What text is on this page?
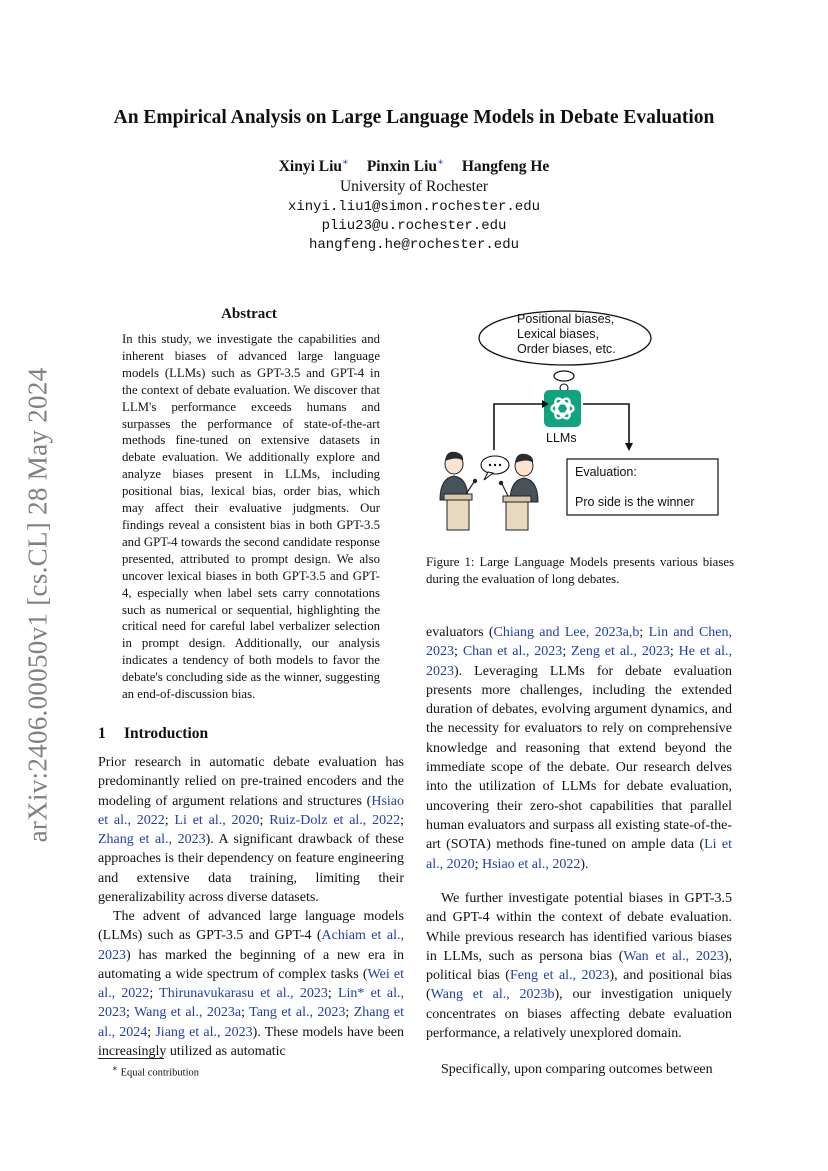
arXiv:2406.00050v1 [cs.CL] 28 May 2024
An Empirical Analysis on Large Language Models in Debate Evaluation
Xinyi Liu∗ Pinxin Liu∗ Hangfeng He
University of Rochester
xinyi.liu1@simon.rochester.edu
pliu23@u.rochester.edu
hangfeng.he@rochester.edu
Abstract
In this study, we investigate the capabilities and inherent biases of advanced large language models (LLMs) such as GPT-3.5 and GPT-4 in the context of debate evaluation. We discover that LLM's performance exceeds humans and surpasses the performance of state-of-the-art methods fine-tuned on extensive datasets in debate evaluation. We additionally explore and analyze biases present in LLMs, including positional bias, lexical bias, order bias, which may affect their evaluative judgments. Our findings reveal a consistent bias in both GPT-3.5 and GPT-4 towards the second candidate response presented, attributed to prompt design. We also uncover lexical biases in both GPT-3.5 and GPT-4, especially when label sets carry connotations such as numerical or sequential, highlighting the critical need for careful label verbalizer selection in prompt design. Additionally, our analysis indicates a tendency of both models to favor the debate's concluding side as the winner, suggesting an end-of-discussion bias.
1 Introduction
Prior research in automatic debate evaluation has predominantly relied on pre-trained encoders and the modeling of argument relations and structures (Hsiao et al., 2022; Li et al., 2020; Ruiz-Dolz et al., 2022; Zhang et al., 2023). A significant drawback of these approaches is their dependency on feature engineering and extensive data training, limiting their generalizability across diverse datasets.
The advent of advanced large language models (LLMs) such as GPT-3.5 and GPT-4 (Achiam et al., 2023) has marked the beginning of a new era in automating a wide spectrum of complex tasks (Wei et al., 2022; Thirunavukarasu et al., 2023; Lin* et al., 2023; Wang et al., 2023a; Tang et al., 2023; Zhang et al., 2024; Jiang et al., 2023). These models have been increasingly utilized as automatic
∗ Equal contribution
Positional biases,
Lexical biases,
Order biases, etc.
LLMs
Evaluation:
Pro side is the winner
Figure 1: Large Language Models presents various biases during the evaluation of long debates.
evaluators (Chiang and Lee, 2023a,b; Lin and Chen, 2023; Chan et al., 2023; Zeng et al., 2023; He et al., 2023). Leveraging LLMs for debate evaluation presents more challenges, including the extended duration of debates, evolving argument dynamics, and the necessity for evaluators to rely on comprehensive knowledge and reasoning that extend beyond the immediate scope of the debate. Our research delves into the utilization of LLMs for debate evaluation, uncovering their zero-shot capabilities that parallel human evaluators and surpass all existing state-of-the-art (SOTA) methods fine-tuned on ample data (Li et al., 2020; Hsiao et al., 2022).
We further investigate potential biases in GPT-3.5 and GPT-4 within the context of debate evaluation. While previous research has identified various biases in LLMs, such as persona bias (Wan et al., 2023), political bias (Feng et al., 2023), and positional bias (Wang et al., 2023b), our investigation uniquely concentrates on biases affecting debate evaluation performance, a relatively unexplored domain.
Specifically, upon comparing outcomes between
